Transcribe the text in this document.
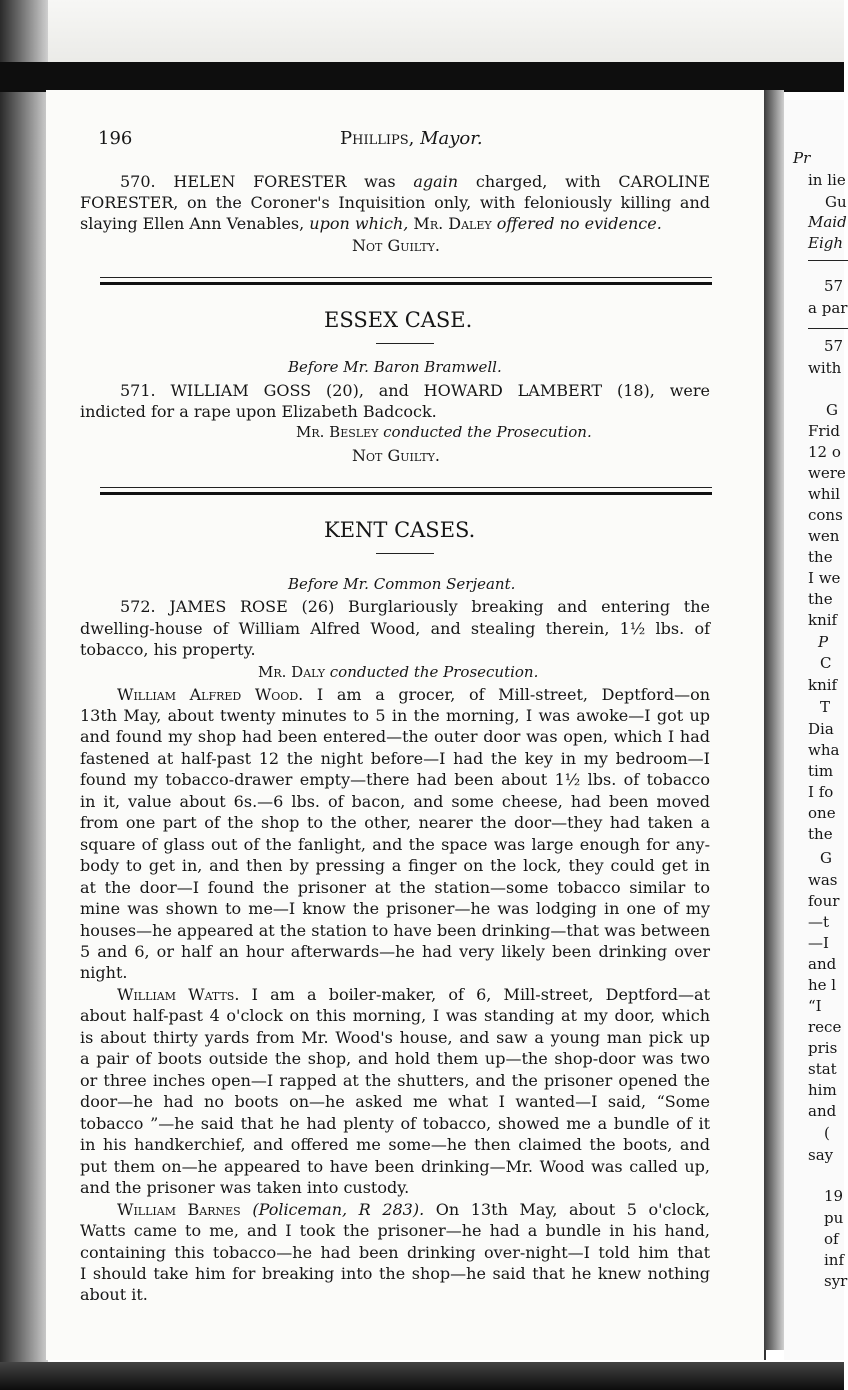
Pr
in lie
Gu
Maid
Eigh
57
a par
57
with
G
Frid
12 o
were
whil
cons
wen
the
I we
the
knif
P
C
knif
T
Dia
wha
tim
I fo
one
the
G
was
four
—t
—I
and
he l
“I
rece
pris
stat
him
and
(
say
19
pu
of
inf
syr
196	Phillips, Mayor.
570. HELEN FORESTER was again charged, with CAROLINE
FORESTER, on the Coroner's Inquisition only, with feloniously killing and
slaying Ellen Ann Venables, upon which, Mr. Daley offered no evidence.
Not Guilty.
ESSEX CASE.
Before Mr. Baron Bramwell.
571. WILLIAM GOSS (20), and HOWARD LAMBERT (18), were
indicted for a rape upon Elizabeth Badcock.
Mr. Besley conducted the Prosecution.
Not Guilty.
KENT CASES.
Before Mr. Common Serjeant.
572. JAMES ROSE (26) Burglariously breaking and entering the
dwelling-house of William Alfred Wood, and stealing therein, 1½ lbs. of
tobacco, his property.
Mr. Daly conducted the Prosecution.
William Alfred Wood. I am a grocer, of Mill-street, Deptford—on
13th May, about twenty minutes to 5 in the morning, I was awoke—I got up
and found my shop had been entered—the outer door was open, which I had
fastened at half-past 12 the night before—I had the key in my bedroom—I
found my tobacco-drawer empty—there had been about 1½ lbs. of tobacco
in it, value about 6s.—6 lbs. of bacon, and some cheese, had been moved
from one part of the shop to the other, nearer the door—they had taken a
square of glass out of the fanlight, and the space was large enough for any-
body to get in, and then by pressing a finger on the lock, they could get in
at the door—I found the prisoner at the station—some tobacco similar to
mine was shown to me—I know the prisoner—he was lodging in one of my
houses—he appeared at the station to have been drinking—that was between
5 and 6, or half an hour afterwards—he had very likely been drinking over
night.
William Watts. I am a boiler-maker, of 6, Mill-street, Deptford—at
about half-past 4 o'clock on this morning, I was standing at my door, which
is about thirty yards from Mr. Wood's house, and saw a young man pick up
a pair of boots outside the shop, and hold them up—the shop-door was two
or three inches open—I rapped at the shutters, and the prisoner opened the
door—he had no boots on—he asked me what I wanted—I said, “Some
tobacco ”—he said that he had plenty of tobacco, showed me a bundle of it
in his handkerchief, and offered me some—he then claimed the boots, and
put them on—he appeared to have been drinking—Mr. Wood was called up,
and the prisoner was taken into custody.
William Barnes (Policeman, R 283). On 13th May, about 5 o'clock,
Watts came to me, and I took the prisoner—he had a bundle in his hand,
containing this tobacco—he had been drinking over-night—I told him that
I should take him for breaking into the shop—he said that he knew nothing
about it.
